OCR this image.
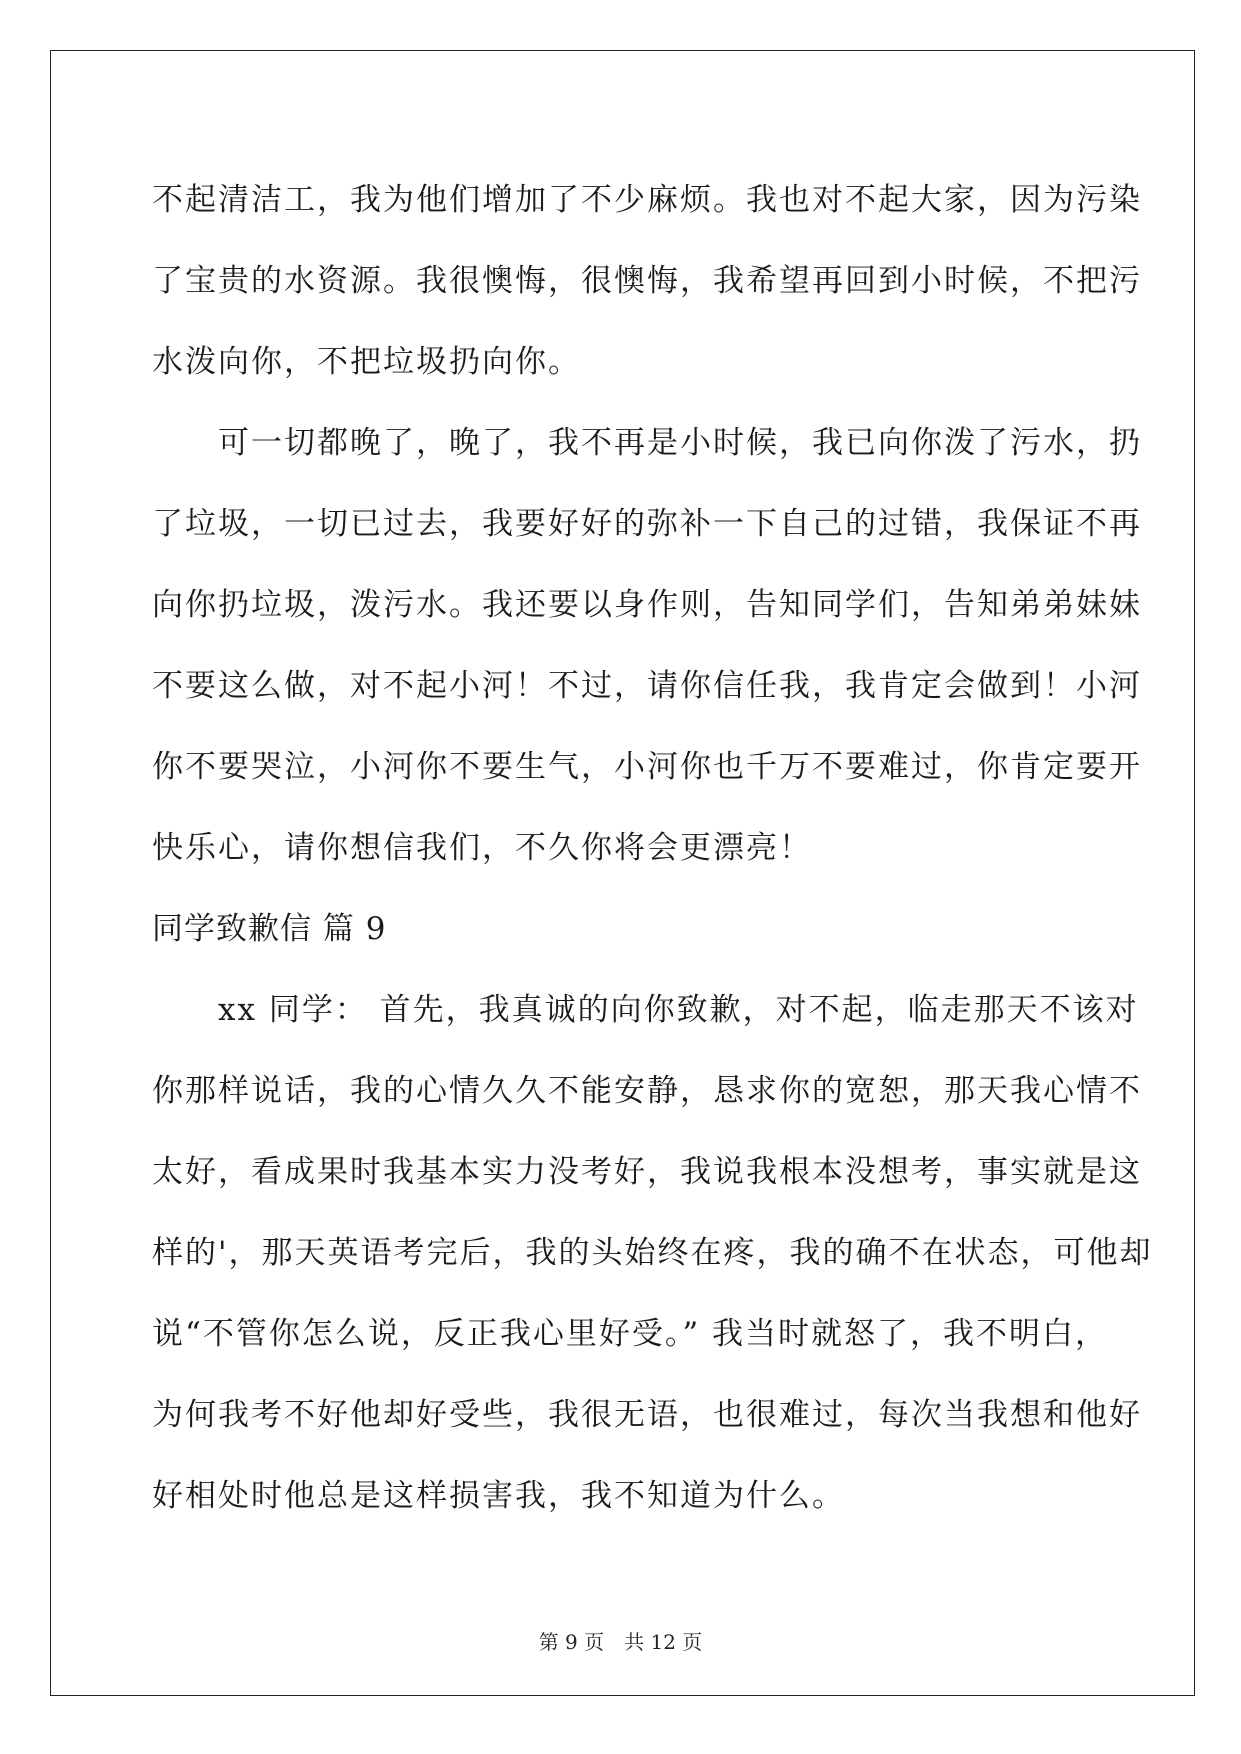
不起清洁工，我为他们增加了不少麻烦。我也对不起大家，因为污染
了宝贵的水资源。我很懊悔，很懊悔，我希望再回到小时候，不把污
水泼向你，不把垃圾扔向你。
　　可一切都晚了，晚了，我不再是小时候，我已向你泼了污水，扔
了垃圾，一切已过去，我要好好的弥补一下自己的过错，我保证不再
向你扔垃圾，泼污水。我还要以身作则，告知同学们，告知弟弟妹妹
不要这么做，对不起小河！不过，请你信任我，我肯定会做到！小河
你不要哭泣，小河你不要生气，小河你也千万不要难过，你肯定要开
快乐心，请你想信我们，不久你将会更漂亮！
同学致歉信 篇 9
　　xx 同学： 首先，我真诚的向你致歉，对不起，临走那天不该对
你那样说话，我的心情久久不能安静，恳求你的宽恕，那天我心情不
太好，看成果时我基本实力没考好，我说我根本没想考，事实就是这
样的'，那天英语考完后，我的头始终在疼，我的确不在状态，可他却
说“不管你怎么说，反正我心里好受。” 我当时就怒了，我不明白，
为何我考不好他却好受些，我很无语，也很难过，每次当我想和他好
好相处时他总是这样损害我，我不知道为什么。
第 9 页　共 12 页
